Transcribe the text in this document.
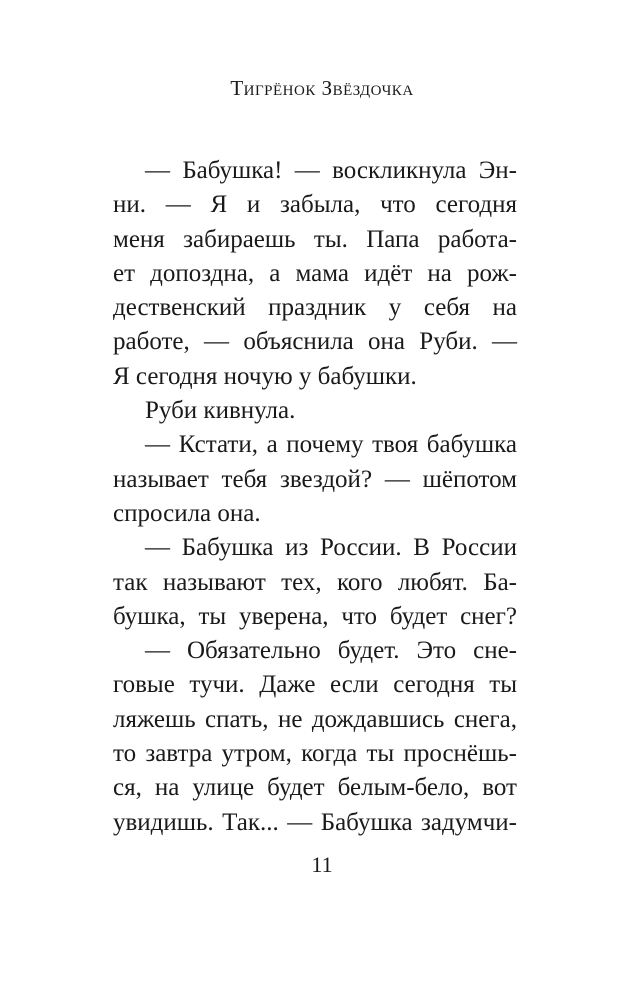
Тигрёнок Звёздочка
— Бабушка! — воскликнула Эн-
ни. — Я и забыла, что сегодня
меня забираешь ты. Папа работа-
ет допоздна, а мама идёт на рож-
дественский праздник у себя на
работе, — объяснила она Руби. —
Я сегодня ночую у бабушки.
Руби кивнула.
— Кстати, а почему твоя бабушка
называет тебя звездой? — шёпотом
спросила она.
— Бабушка из России. В России
так называют тех, кого любят. Ба-
бушка, ты уверена, что будет снег?
— Обязательно будет. Это сне-
говые тучи. Даже если сегодня ты
ляжешь спать, не дождавшись снега,
то завтра утром, когда ты проснёшь-
ся, на улице будет белым-бело, вот
увидишь. Так... — Бабушка задумчи-
11
